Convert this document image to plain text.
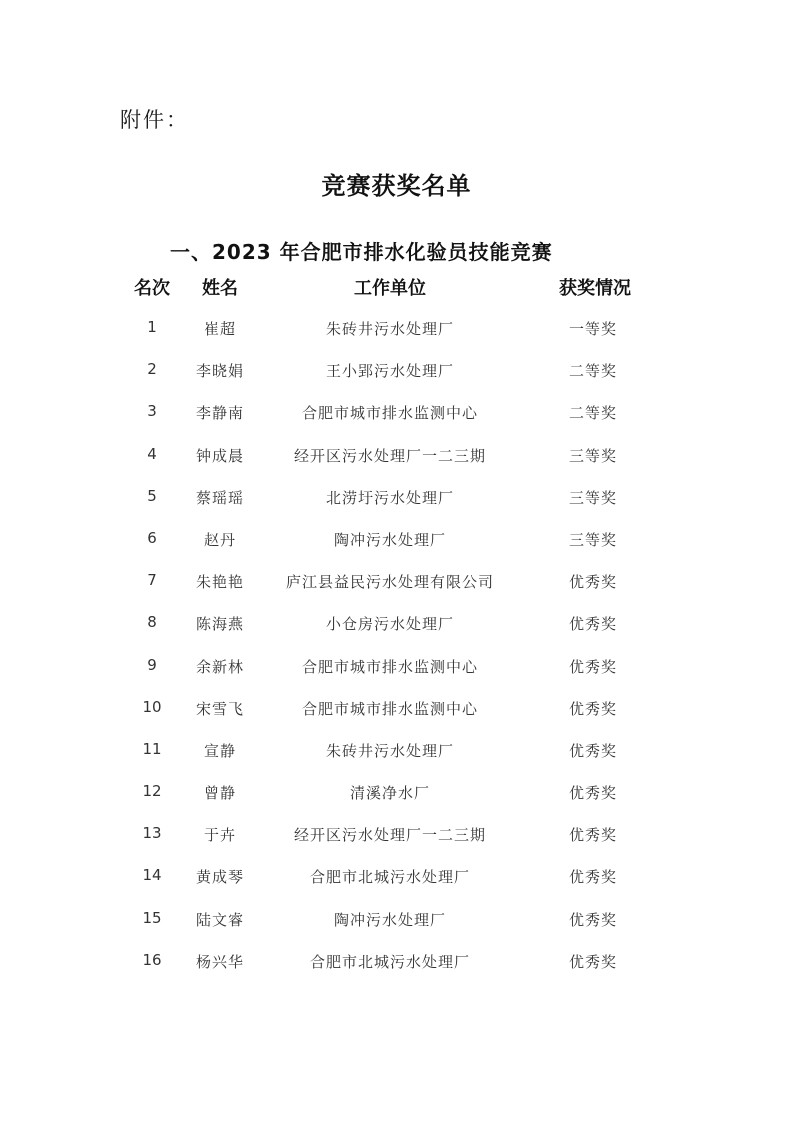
附件：
竞赛获奖名单
一、2023 年合肥市排水化验员技能竞赛
名次	姓名	工作单位	获奖情况
1	崔超	朱砖井污水处理厂	一等奖
2	李晓娟	王小郢污水处理厂	二等奖
3	李静南	合肥市城市排水监测中心	二等奖
4	钟成晨	经开区污水处理厂一二三期	三等奖
5	蔡瑶瑶	北涝圩污水处理厂	三等奖
6	赵丹	陶冲污水处理厂	三等奖
7	朱艳艳	庐江县益民污水处理有限公司	优秀奖
8	陈海燕	小仓房污水处理厂	优秀奖
9	余新林	合肥市城市排水监测中心	优秀奖
10	宋雪飞	合肥市城市排水监测中心	优秀奖
11	宣静	朱砖井污水处理厂	优秀奖
12	曾静	清溪净水厂	优秀奖
13	于卉	经开区污水处理厂一二三期	优秀奖
14	黄成琴	合肥市北城污水处理厂	优秀奖
15	陆文睿	陶冲污水处理厂	优秀奖
16	杨兴华	合肥市北城污水处理厂	优秀奖
